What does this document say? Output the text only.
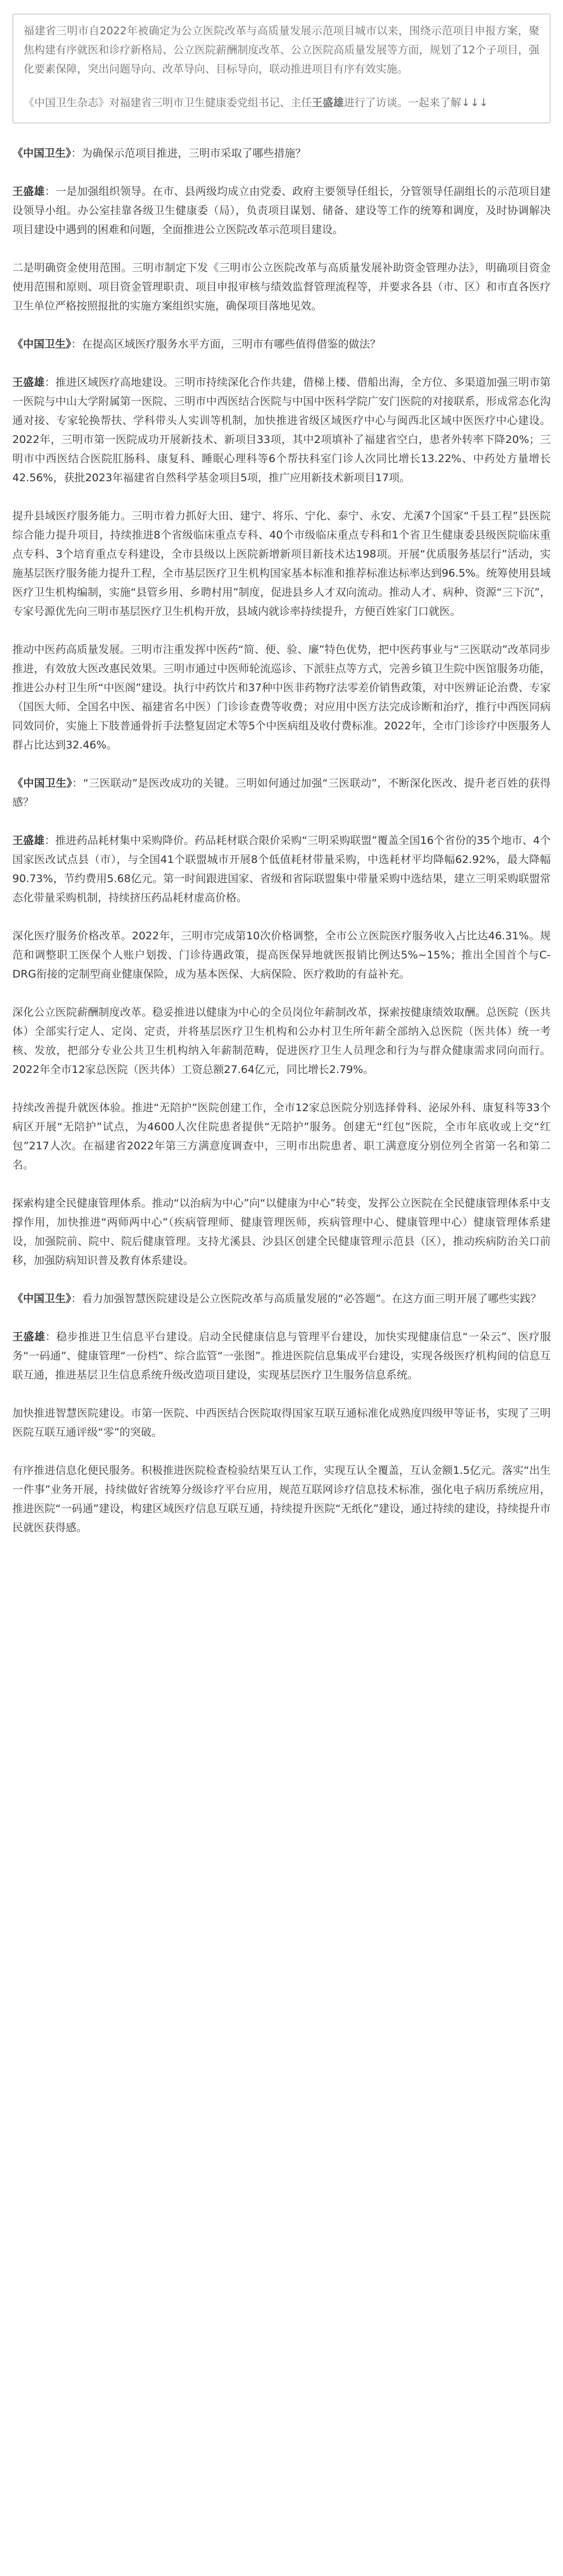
福建省三明市自2022年被确定为公立医院改革与高质量发展示范项目城市以来，围绕示范项目申报方案，聚焦构建有序就医和诊疗新格局、公立医院薪酬制度改革、公立医院高质量发展等方面，规划了12个子项目，强化要素保障，突出问题导向、改革导向、目标导向，联动推进项目有序有效实施。

《中国卫生杂志》对福建省三明市卫生健康委党组书记、主任王盛雄进行了访谈。一起来了解↓↓↓

《中国卫生》：为确保示范项目推进，三明市采取了哪些措施？

王盛雄：一是加强组织领导。在市、县两级均成立由党委、政府主要领导任组长，分管领导任副组长的示范项目建设领导小组。办公室挂靠各级卫生健康委（局），负责项目谋划、储备、建设等工作的统筹和调度，及时协调解决项目建设中遇到的困难和问题，全面推进公立医院改革示范项目建设。

二是明确资金使用范围。三明市制定下发《三明市公立医院改革与高质量发展补助资金管理办法》，明确项目资金使用范围和原则、项目资金管理职责、项目申报审核与绩效监督管理流程等，并要求各县（市、区）和市直各医疗卫生单位严格按照报批的实施方案组织实施，确保项目落地见效。

《中国卫生》：在提高区域医疗服务水平方面，三明市有哪些值得借鉴的做法？

王盛雄：推进区域医疗高地建设。三明市持续深化合作共建，借梯上楼、借船出海，全方位、多渠道加强三明市第一医院与中山大学附属第一医院、三明市中西医结合医院与中国中医科学院广安门医院的对接联系，形成常态化沟通对接、专家轮换帮扶、学科带头人实训等机制，加快推进省级区域医疗中心与闽西北区域中医医疗中心建设。2022年，三明市第一医院成功开展新技术、新项目33项，其中2项填补了福建省空白，患者外转率下降20%；三明市中西医结合医院肛肠科、康复科、睡眠心理科等6个帮扶科室门诊人次同比增长13.22%、中药处方量增长42.56%，获批2023年福建省自然科学基金项目5项，推广应用新技术新项目17项。

提升县域医疗服务能力。三明市着力抓好大田、建宁、将乐、宁化、泰宁、永安、尤溪7个国家“千县工程”县医院综合能力提升项目，持续推进8个省级临床重点专科、40个市级临床重点专科和1个省卫生健康委县级医院临床重点专科、3个培育重点专科建设，全市县级以上医院新增新项目新技术达198项。开展“优质服务基层行”活动，实施基层医疗服务能力提升工程，全市基层医疗卫生机构国家基本标准和推荐标准达标率达到96.5%。统筹使用县域医疗卫生机构编制，实施“县管乡用、乡聘村用”制度，促进县乡人才双向流动。推动人才、病种、资源“三下沉”，专家号源优先向三明市基层医疗卫生机构开放，县域内就诊率持续提升，方便百姓家门口就医。

推动中医药高质量发展。三明市注重发挥中医药“简、便、验、廉”特色优势，把中医药事业与“三医联动”改革同步推进，有效放大医改惠民效果。三明市通过中医师轮流巡诊、下派驻点等方式，完善乡镇卫生院中医馆服务功能，推进公办村卫生所“中医阁”建设。执行中药饮片和37种中医非药物疗法零差价销售政策，对中医辨证论治费、专家（国医大师、全国名中医、福建省名中医）门诊诊查费等收费；对应用中医方法完成诊断和治疗，推行中西医同病同效同价，实施上下肢普通骨折手法整复固定术等5个中医病组及收付费标准。2022年，全市门诊诊疗中医服务人群占比达到32.46%。

《中国卫生》：“三医联动”是医改成功的关键。三明如何通过加强“三医联动”，不断深化医改、提升老百姓的获得感？

王盛雄：推进药品耗材集中采购降价。药品耗材联合限价采购“三明采购联盟”覆盖全国16个省份的35个地市、4个国家医改试点县（市），与全国41个联盟城市开展8个低值耗材带量采购，中选耗材平均降幅62.92%，最大降幅90.73%，节约费用5.68亿元。第一时间跟进国家、省级和省际联盟集中带量采购中选结果，建立三明采购联盟常态化带量采购机制，持续挤压药品耗材虚高价格。

深化医疗服务价格改革。2022年，三明市完成第10次价格调整，全市公立医院医疗服务收入占比达46.31%。规范和调整职工医保个人账户划拨、门诊待遇政策，提高医保异地就医报销比例达5%~15%；推出全国首个与C-DRG衔接的定制型商业健康保险，成为基本医保、大病保险、医疗救助的有益补充。

深化公立医院薪酬制度改革。稳妥推进以健康为中心的全员岗位年薪制改革，探索按健康绩效取酬。总医院（医共体）全部实行定人、定岗、定责，并将基层医疗卫生机构和公办村卫生所年薪全部纳入总医院（医共体）统一考核、发放，把部分专业公共卫生机构纳入年薪制范畴，促进医疗卫生人员理念和行为与群众健康需求同向而行。2022年全市12家总医院（医共体）工资总额27.64亿元，同比增长2.79%。

持续改善提升就医体验。推进“无陪护”医院创建工作，全市12家总医院分别选择骨科、泌尿外科、康复科等33个病区开展“无陪护”试点，为4600人次住院患者提供“无陪护”服务。创建无“红包”医院，全市年底收或上交“红包”217人次。在福建省2022年第三方满意度调查中，三明市出院患者、职工满意度分别位列全省第一名和第二名。

探索构建全民健康管理体系。推动“以治病为中心”向“以健康为中心”转变，发挥公立医院在全民健康管理体系中支撑作用，加快推进“两师两中心”（疾病管理师、健康管理医师，疾病管理中心、健康管理中心）健康管理体系建设，加强院前、院中、院后健康管理。支持尤溪县、沙县区创建全民健康管理示范县（区），推动疾病防治关口前移，加强防病知识普及教育体系建设。

《中国卫生》：看力加强智慧医院建设是公立医院改革与高质量发展的“必答题”。在这方面三明开展了哪些实践？

王盛雄：稳步推进卫生信息平台建设。启动全民健康信息与管理平台建设，加快实现健康信息“一朵云”、医疗服务“一码通”、健康管理“一份档”、综合监管“一张图”。推进医院信息集成平台建设，实现各级医疗机构间的信息互联互通，推进基层卫生信息系统升级改造项目建设，实现基层医疗卫生服务信息系统。

加快推进智慧医院建设。市第一医院、中西医结合医院取得国家互联互通标准化成熟度四级甲等证书，实现了三明医院互联互通评级“零”的突破。

有序推进信息化便民服务。积极推进医院检查检验结果互认工作，实现互认全覆盖，互认金额1.5亿元。落实“出生一件事”业务开展，持续做好省统筹分级诊疗平台应用，规范互联网诊疗信息技术标准，强化电子病历系统应用，推进医院“一码通”建设，构建区域医疗信息互联互通，持续提升医院“无纸化”建设，通过持续的建设，持续提升市民就医获得感。
